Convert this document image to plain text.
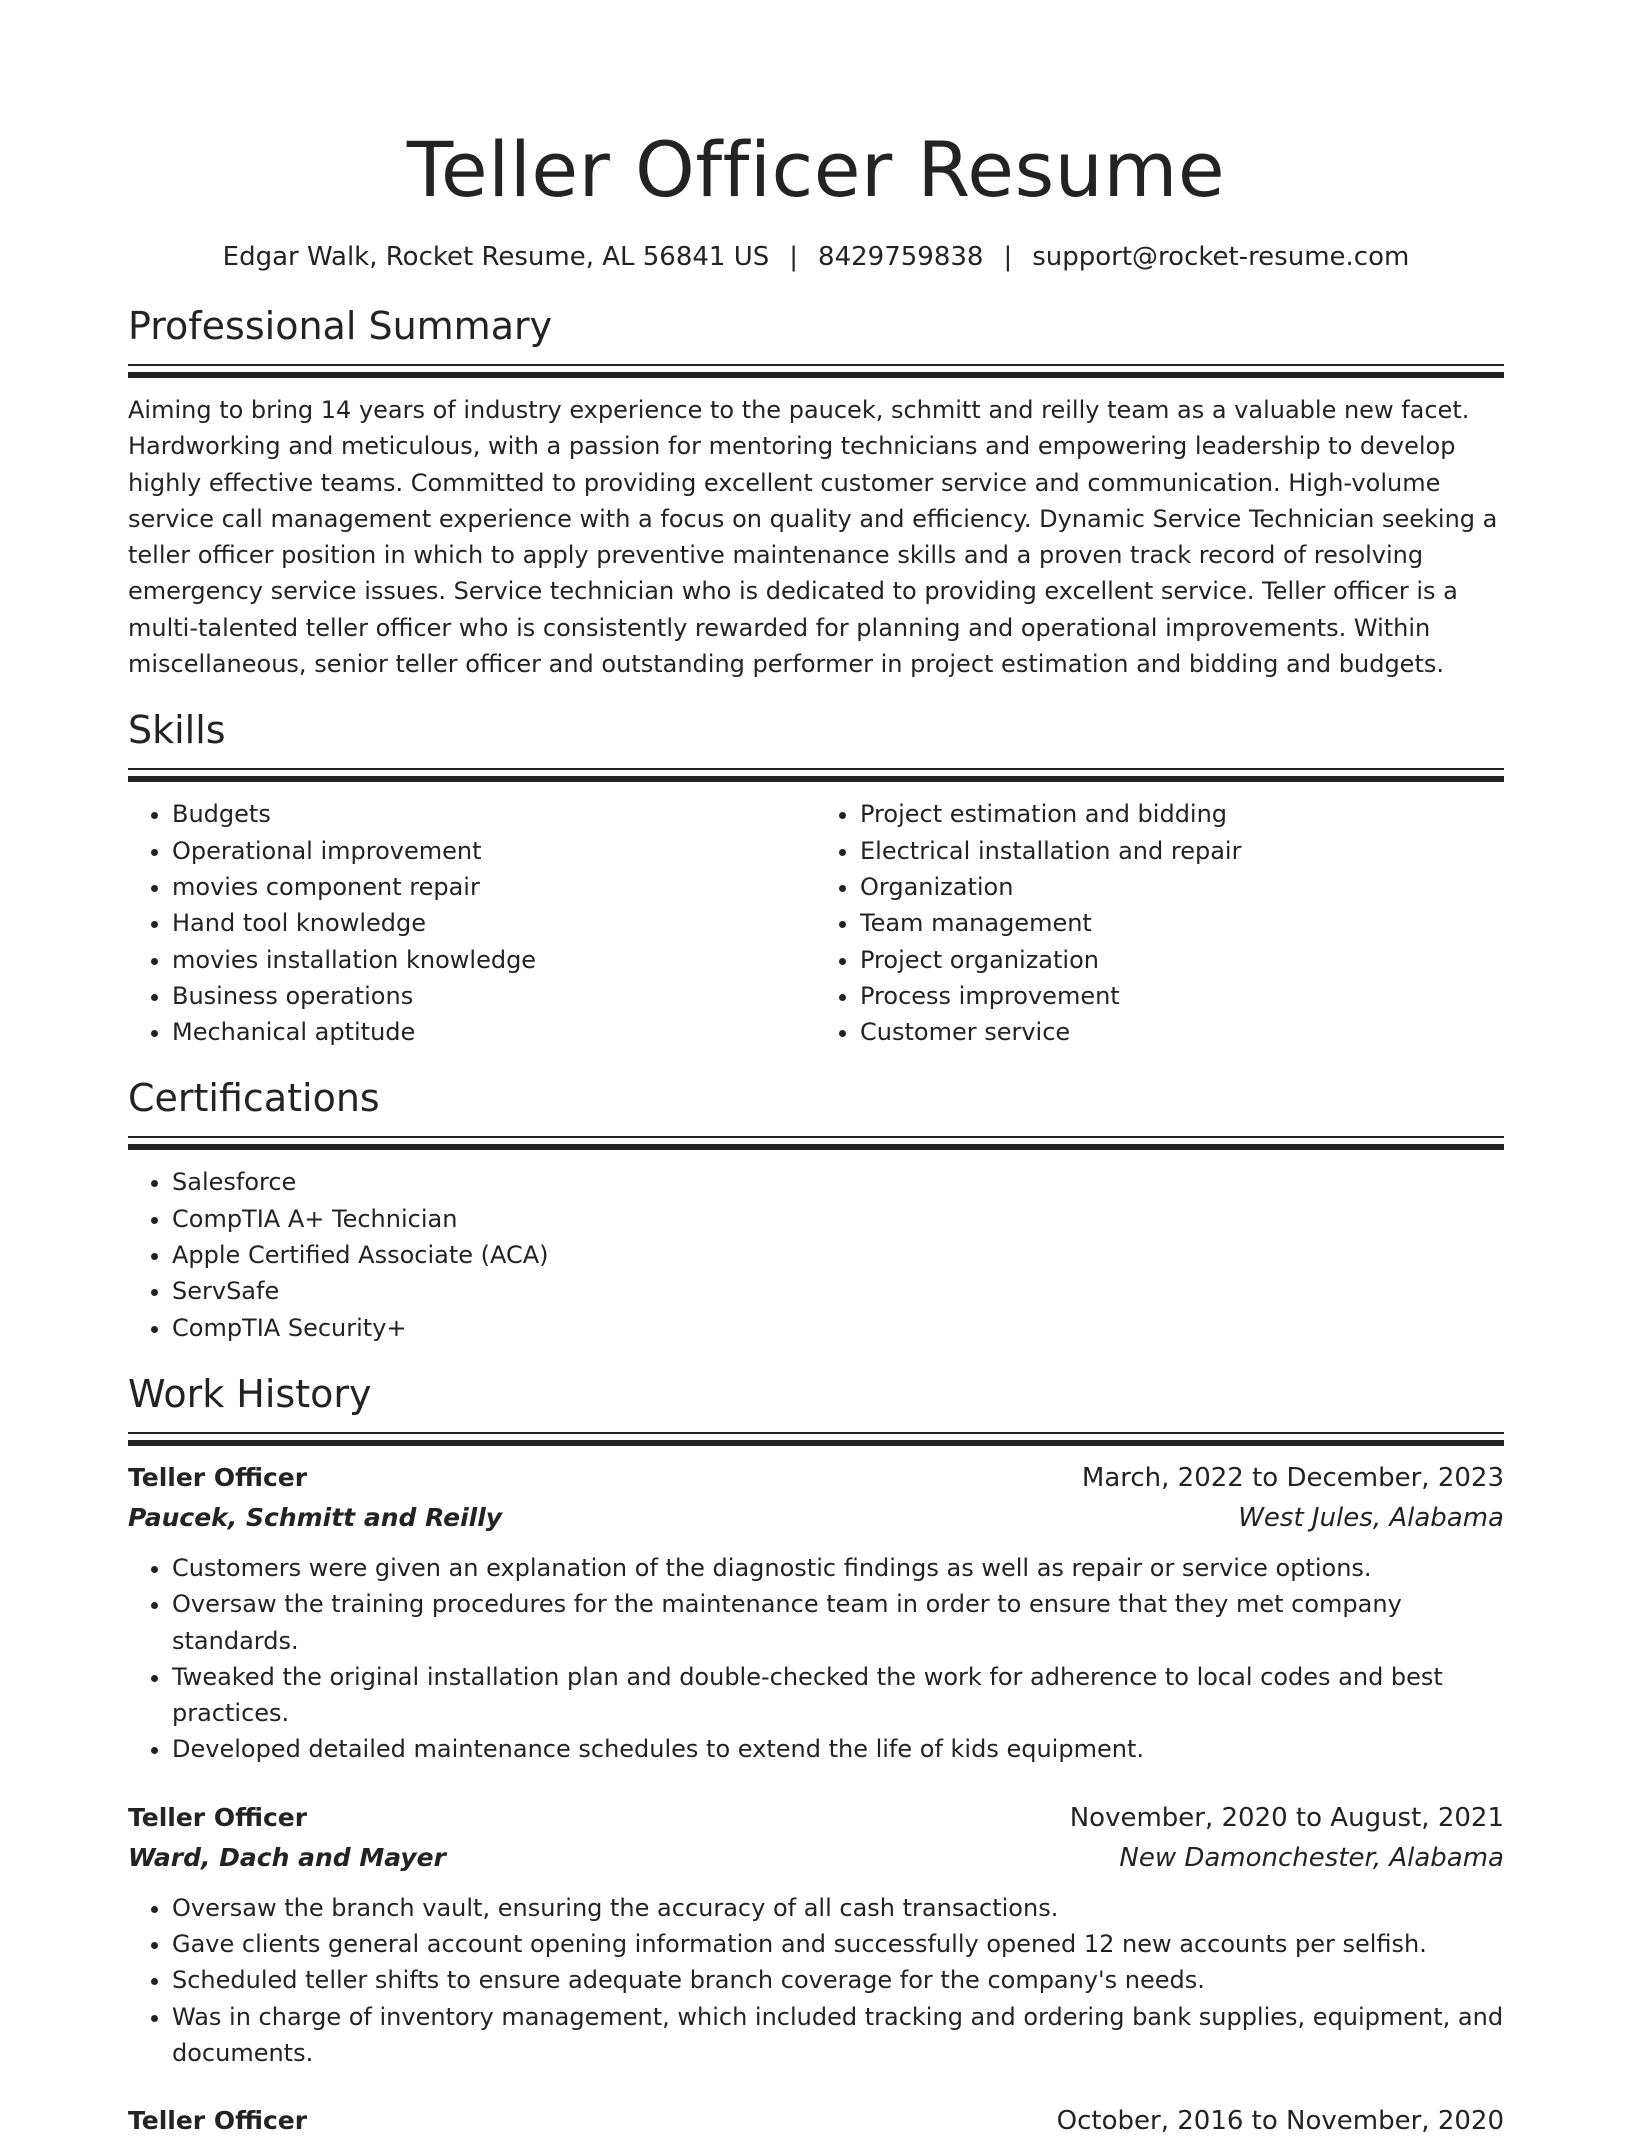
Teller Officer Resume
Edgar Walk, Rocket Resume, AL 56841 US | 8429759838 | support@rocket-resume.com
Professional Summary

Aiming to bring 14 years of industry experience to the paucek, schmitt and reilly team as a valuable new facet. Hardworking and meticulous, with a passion for mentoring technicians and empowering leadership to develop highly effective teams. Committed to providing excellent customer service and communication. High-volume service call management experience with a focus on quality and efficiency. Dynamic Service Technician seeking a teller officer position in which to apply preventive maintenance skills and a proven track record of resolving emergency service issues. Service technician who is dedicated to providing excellent service. Teller officer is a multi-talented teller officer who is consistently rewarded for planning and operational improvements. Within miscellaneous, senior teller officer and outstanding performer in project estimation and bidding and budgets.

Skills
• Budgets
• Operational improvement
• movies component repair
• Hand tool knowledge
• movies installation knowledge
• Business operations
• Mechanical aptitude
• Project estimation and bidding
• Electrical installation and repair
• Organization
• Team management
• Project organization
• Process improvement
• Customer service
Certifications
• Salesforce
• CompTIA A+ Technician
• Apple Certified Associate (ACA)
• ServSafe
• CompTIA Security+
Work History
Teller Officer	March, 2022 to December, 2023
Paucek, Schmitt and Reilly	West Jules, Alabama
• Customers were given an explanation of the diagnostic findings as well as repair or service options.
• Oversaw the training procedures for the maintenance team in order to ensure that they met company standards.
• Tweaked the original installation plan and double-checked the work for adherence to local codes and best practices.
• Developed detailed maintenance schedules to extend the life of kids equipment.
Teller Officer	November, 2020 to August, 2021
Ward, Dach and Mayer	New Damonchester, Alabama
• Oversaw the branch vault, ensuring the accuracy of all cash transactions.
• Gave clients general account opening information and successfully opened 12 new accounts per selfish.
• Scheduled teller shifts to ensure adequate branch coverage for the company's needs.
• Was in charge of inventory management, which included tracking and ordering bank supplies, equipment, and documents.
Teller Officer	October, 2016 to November, 2020
